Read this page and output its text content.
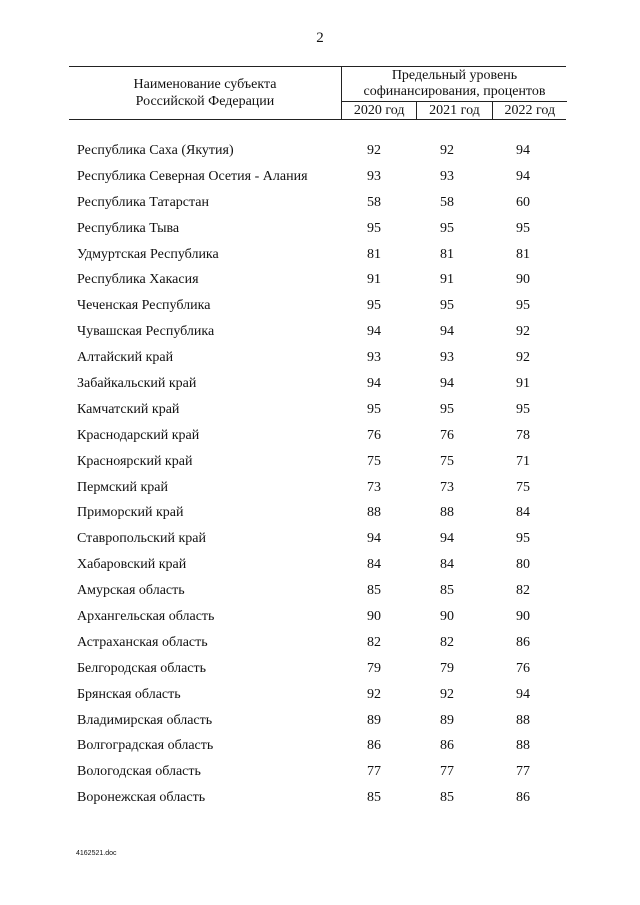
2
Наименование субъекта
Российской Федерации
Предельный уровень
софинансирования, процентов
2020 год	2021 год	2022 год
Республика Саха (Якутия)	92	92	94
Республика Северная Осетия - Алания	93	93	94
Республика Татарстан	58	58	60
Республика Тыва	95	95	95
Удмуртская Республика	81	81	81
Республика Хакасия	91	91	90
Чеченская Республика	95	95	95
Чувашская Республика	94	94	92
Алтайский край	93	93	92
Забайкальский край	94	94	91
Камчатский край	95	95	95
Краснодарский край	76	76	78
Красноярский край	75	75	71
Пермский край	73	73	75
Приморский край	88	88	84
Ставропольский край	94	94	95
Хабаровский край	84	84	80
Амурская область	85	85	82
Архангельская область	90	90	90
Астраханская область	82	82	86
Белгородская область	79	79	76
Брянская область	92	92	94
Владимирская область	89	89	88
Волгоградская область	86	86	88
Вологодская область	77	77	77
Воронежская область	85	85	86
4162521.doc
